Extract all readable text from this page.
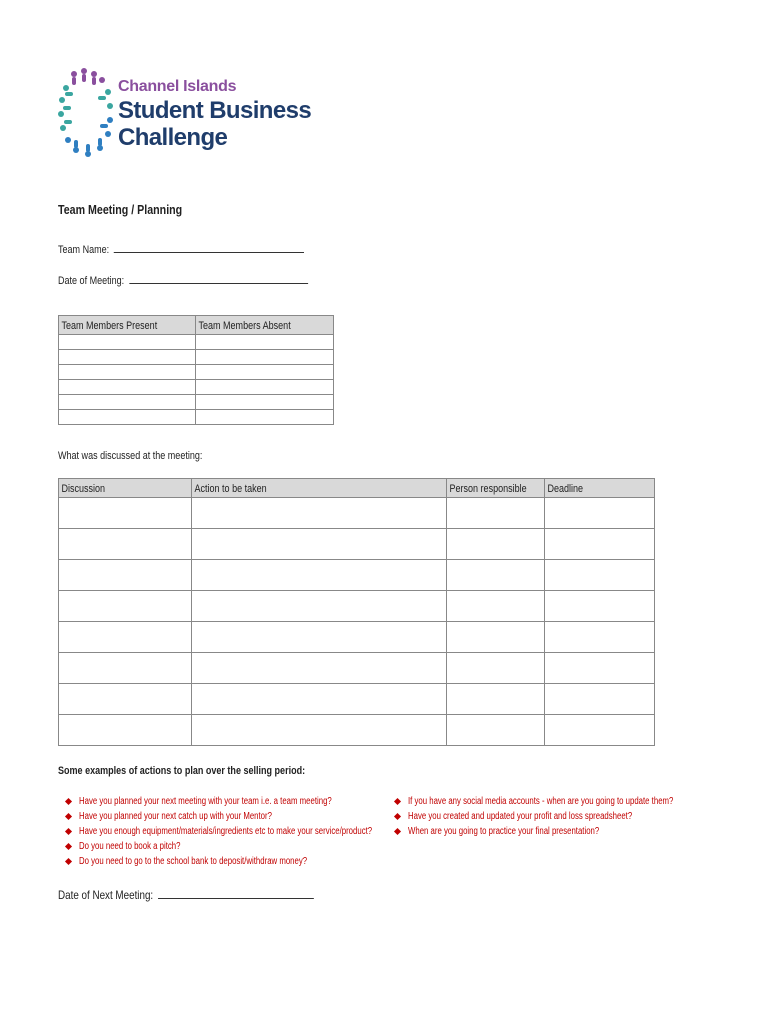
Channel Islands
Student Business
Challenge
Team Meeting / Planning
Team Name:
Date of Meeting:
Team Members Present	Team Members Absent

What was discussed at the meeting:
Discussion	Action to be taken	Person responsible	Deadline

Some examples of actions to plan over the selling period:
Have you planned your next meeting with your team i.e. a team meeting?
Have you planned your next catch up with your Mentor?
Have you enough equipment/materials/ingredients etc to make your service/product?
Do you need to book a pitch?
Do you need to go to the school bank to deposit/withdraw money?
If you have any social media accounts - when are you going to update them?
Have you created and updated your profit and loss spreadsheet?
When are you going to practice your final presentation?
Date of Next Meeting:
